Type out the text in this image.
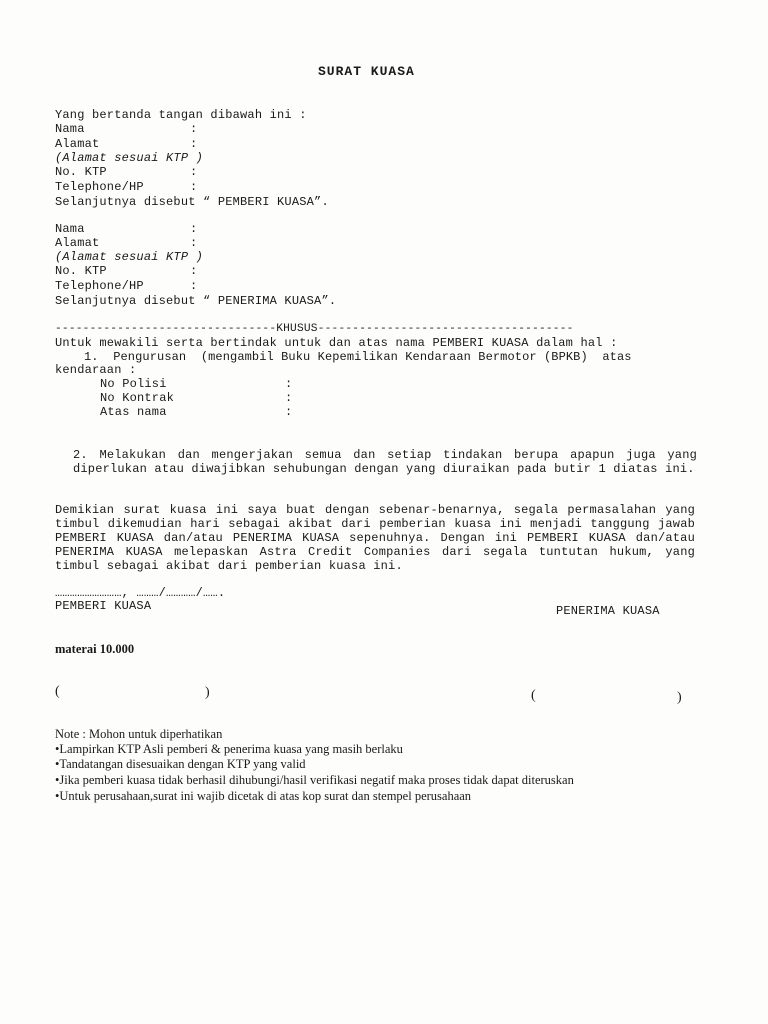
SURAT KUASA
Yang bertanda tangan dibawah ini :
Nama	:
Alamat	:
(Alamat sesuai KTP )
No. KTP	:
Telephone/HP	:
Selanjutnya disebut “ PEMBERI KUASA”.
Nama	:
Alamat	:
(Alamat sesuai KTP )
No. KTP	:
Telephone/HP	:
Selanjutnya disebut “ PENERIMA KUASA”.
--------------------------------KHUSUS-------------------------------------
Untuk mewakili serta bertindak untuk dan atas nama PEMBERI KUASA dalam hal :
1.  Pengurusan  (mengambil Buku Kepemilikan Kendaraan Bermotor (BPKB)  atas
kendaraan :
No Polisi	:
No Kontrak	:
Atas nama	:
2. Melakukan dan mengerjakan semua dan setiap tindakan berupa apapun juga yang diperlukan atau diwajibkan sehubungan dengan yang diuraikan pada butir 1 diatas ini.
Demikian surat kuasa ini saya buat dengan sebenar-benarnya, segala permasalahan yang timbul dikemudian hari sebagai akibat dari pemberian kuasa ini menjadi tanggung jawab PEMBERI KUASA dan/atau PENERIMA KUASA sepenuhnya. Dengan ini PEMBERI KUASA dan/atau PENERIMA KUASA melepaskan Astra Credit Companies dari segala tuntutan hukum, yang timbul sebagai akibat dari pemberian kuasa ini.
………………………, ………/…………/…….
PEMBERI KUASA	PENERIMA KUASA
materai 10.000
(	)	(	)
Note : Mohon untuk diperhatikan
•Lampirkan KTP Asli pemberi & penerima kuasa yang masih berlaku
•Tandatangan disesuaikan dengan KTP yang valid
•Jika pemberi kuasa tidak berhasil dihubungi/hasil verifikasi negatif maka proses tidak dapat diteruskan
•Untuk perusahaan,surat ini wajib dicetak di atas kop surat dan stempel perusahaan
